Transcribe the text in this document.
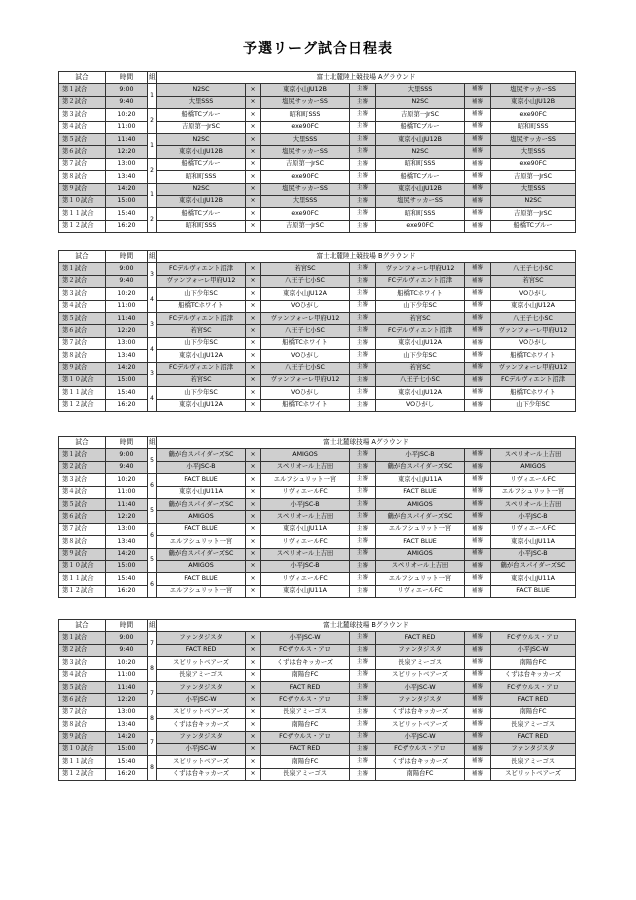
予選リーグ試合日程表
試合	時間	組	富士北麓陸上競技場 Aグラウンド						
第１試合	9:00	1	N2SC	×	東京小山JU12B	主審	大里SSS	補審	塩尻サッカーSS
第２試合	9:40		大里SSS	×	塩尻サッカーSS	主審	N2SC	補審	東京小山JU12B
第３試合	10:20	2	船橋TCブルー	×	昭和町SSS	主審	吉原第一JrSC	補審	exe90FC
第４試合	11:00		吉原第一JrSC	×	exe90FC	主審	船橋TCブルー	補審	昭和町SSS
第５試合	11:40	1	N2SC	×	大里SSS	主審	東京小山JU12B	補審	塩尻サッカーSS
第６試合	12:20		東京小山JU12B	×	塩尻サッカーSS	主審	N2SC	補審	大里SSS
第７試合	13:00	2	船橋TCブルー	×	吉原第一JrSC	主審	昭和町SSS	補審	exe90FC
第８試合	13:40		昭和町SSS	×	exe90FC	主審	船橋TCブルー	補審	吉原第一JrSC
第９試合	14:20	1	N2SC	×	塩尻サッカーSS	主審	東京小山JU12B	補審	大里SSS
第１０試合	15:00		東京小山JU12B	×	大里SSS	主審	塩尻サッカーSS	補審	N2SC
第１１試合	15:40	2	船橋TCブルー	×	exe90FC	主審	昭和町SSS	補審	吉原第一JrSC
第１２試合	16:20		昭和町SSS	×	吉原第一JrSC	主審	exe90FC	補審	船橋TCブルー
試合	時間	組	富士北麓陸上競技場 Bグラウンド						
第１試合	9:00	3	FCデルヴィエント沼津	×	若宮SC	主審	ヴァンフォーレ甲府U12	補審	八王子七小SC
第２試合	9:40		ヴァンフォーレ甲府U12	×	八王子七小SC	主審	FCデルヴィエント沼津	補審	若宮SC
第３試合	10:20	4	山下少年SC	×	東京小山JU12A	主審	船橋TCホワイト	補審	VOひがし
第４試合	11:00		船橋TCホワイト	×	VOひがし	主審	山下少年SC	補審	東京小山JU12A
第５試合	11:40	3	FCデルヴィエント沼津	×	ヴァンフォーレ甲府U12	主審	若宮SC	補審	八王子七小SC
第６試合	12:20		若宮SC	×	八王子七小SC	主審	FCデルヴィエント沼津	補審	ヴァンフォーレ甲府U12
第７試合	13:00	4	山下少年SC	×	船橋TCホワイト	主審	東京小山JU12A	補審	VOひがし
第８試合	13:40		東京小山JU12A	×	VOひがし	主審	山下少年SC	補審	船橋TCホワイト
第９試合	14:20	3	FCデルヴィエント沼津	×	八王子七小SC	主審	若宮SC	補審	ヴァンフォーレ甲府U12
第１０試合	15:00		若宮SC	×	ヴァンフォーレ甲府U12	主審	八王子七小SC	補審	FCデルヴィエント沼津
第１１試合	15:40	4	山下少年SC	×	VOひがし	主審	東京小山JU12A	補審	船橋TCホワイト
第１２試合	16:20		東京小山JU12A	×	船橋TCホワイト	主審	VOひがし	補審	山下少年SC
試合	時間	組	富士北麓球技場 Aグラウンド						
第１試合	9:00	5	鶴が台スパイダーズSC	×	AMIGOS	主審	小平JSC-B	補審	スペリオール上吉田
第２試合	9:40		小平JSC-B	×	スペリオール上吉田	主審	鶴が台スパイダーズSC	補審	AMIGOS
第３試合	10:20	6	FACT BLUE	×	エルフシュリット一宮	主審	東京小山JU11A	補審	リヴィエールFC
第４試合	11:00		東京小山JU11A	×	リヴィエールFC	主審	FACT BLUE	補審	エルフシュリット一宮
第５試合	11:40	5	鶴が台スパイダーズSC	×	小平JSC-B	主審	AMIGOS	補審	スペリオール上吉田
第６試合	12:20		AMIGOS	×	スペリオール上吉田	主審	鶴が台スパイダーズSC	補審	小平JSC-B
第７試合	13:00	6	FACT BLUE	×	東京小山JU11A	主審	エルフシュリット一宮	補審	リヴィエールFC
第８試合	13:40		エルフシュリット一宮	×	リヴィエールFC	主審	FACT BLUE	補審	東京小山JU11A
第９試合	14:20	5	鶴が台スパイダーズSC	×	スペリオール上吉田	主審	AMIGOS	補審	小平JSC-B
第１０試合	15:00		AMIGOS	×	小平JSC-B	主審	スペリオール上吉田	補審	鶴が台スパイダーズSC
第１１試合	15:40	6	FACT BLUE	×	リヴィエールFC	主審	エルフシュリット一宮	補審	東京小山JU11A
第１２試合	16:20		エルフシュリット一宮	×	東京小山JU11A	主審	リヴィエールFC	補審	FACT BLUE
試合	時間	組	富士北麓球技場 Bグラウンド						
第１試合	9:00	7	ファンタジスタ	×	小平JSC-W	主審	FACT RED	補審	FCザウルス・アロ
第２試合	9:40		FACT RED	×	FCザウルス・アロ	主審	ファンタジスタ	補審	小平JSC-W
第３試合	10:20	8	スピリットベアーズ	×	くずは台キッカーズ	主審	長泉アミーゴス	補審	南陽台FC
第４試合	11:00		長泉アミーゴス	×	南陽台FC	主審	スピリットベアーズ	補審	くずは台キッカーズ
第５試合	11:40	7	ファンタジスタ	×	FACT RED	主審	小平JSC-W	補審	FCザウルス・アロ
第６試合	12:20		小平JSC-W	×	FCザウルス・アロ	主審	ファンタジスタ	補審	FACT RED
第７試合	13:00	8	スピリットベアーズ	×	長泉アミーゴス	主審	くずは台キッカーズ	補審	南陽台FC
第８試合	13:40		くずは台キッカーズ	×	南陽台FC	主審	スピリットベアーズ	補審	長泉アミーゴス
第９試合	14:20	7	ファンタジスタ	×	FCザウルス・アロ	主審	小平JSC-W	補審	FACT RED
第１０試合	15:00		小平JSC-W	×	FACT RED	主審	FCザウルス・アロ	補審	ファンタジスタ
第１１試合	15:40	8	スピリットベアーズ	×	南陽台FC	主審	くずは台キッカーズ	補審	長泉アミーゴス
第１２試合	16:20		くずは台キッカーズ	×	長泉アミーゴス	主審	南陽台FC	補審	スピリットベアーズ
